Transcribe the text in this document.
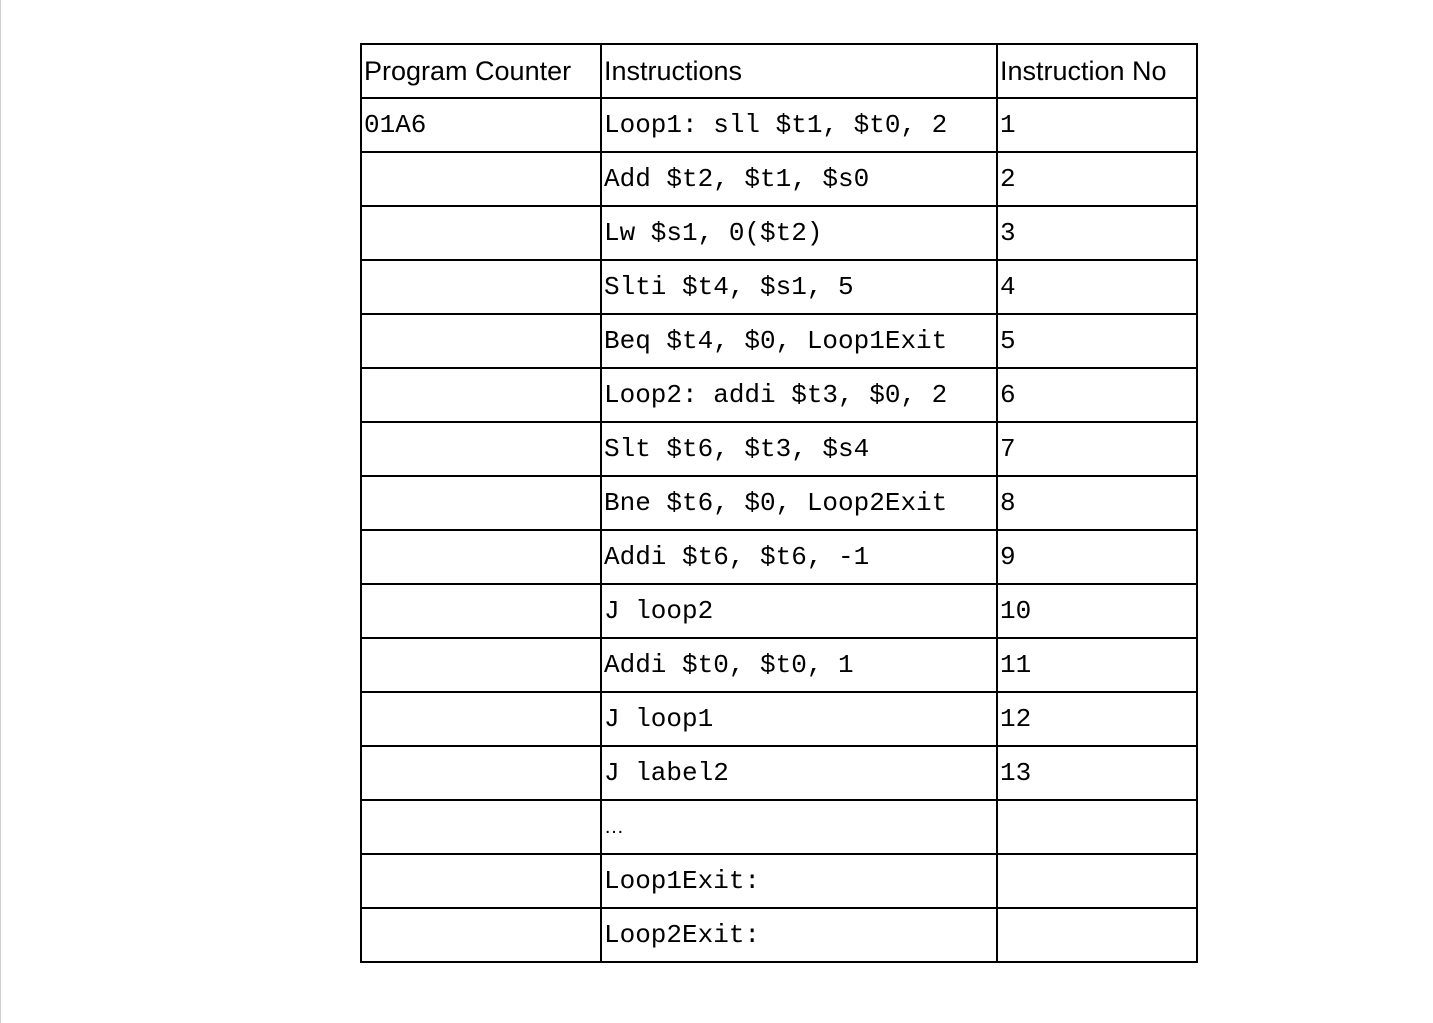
Program Counter	Instructions	Instruction No
01A6	Loop1: sll $t1, $t0, 2	1
	Add $t2, $t1, $s0	2
	Lw $s1, 0($t2)	3
	Slti $t4, $s1, 5	4
	Beq $t4, $0, Loop1Exit	5
	Loop2: addi $t3, $0, 2	6
	Slt $t6, $t3, $s4	7
	Bne $t6, $0, Loop2Exit	8
	Addi $t6, $t6, -1	9
	J loop2	10
	Addi $t0, $t0, 1	11
	J loop1	12
	J label2	13
	…	
	Loop1Exit:	
	Loop2Exit:	
